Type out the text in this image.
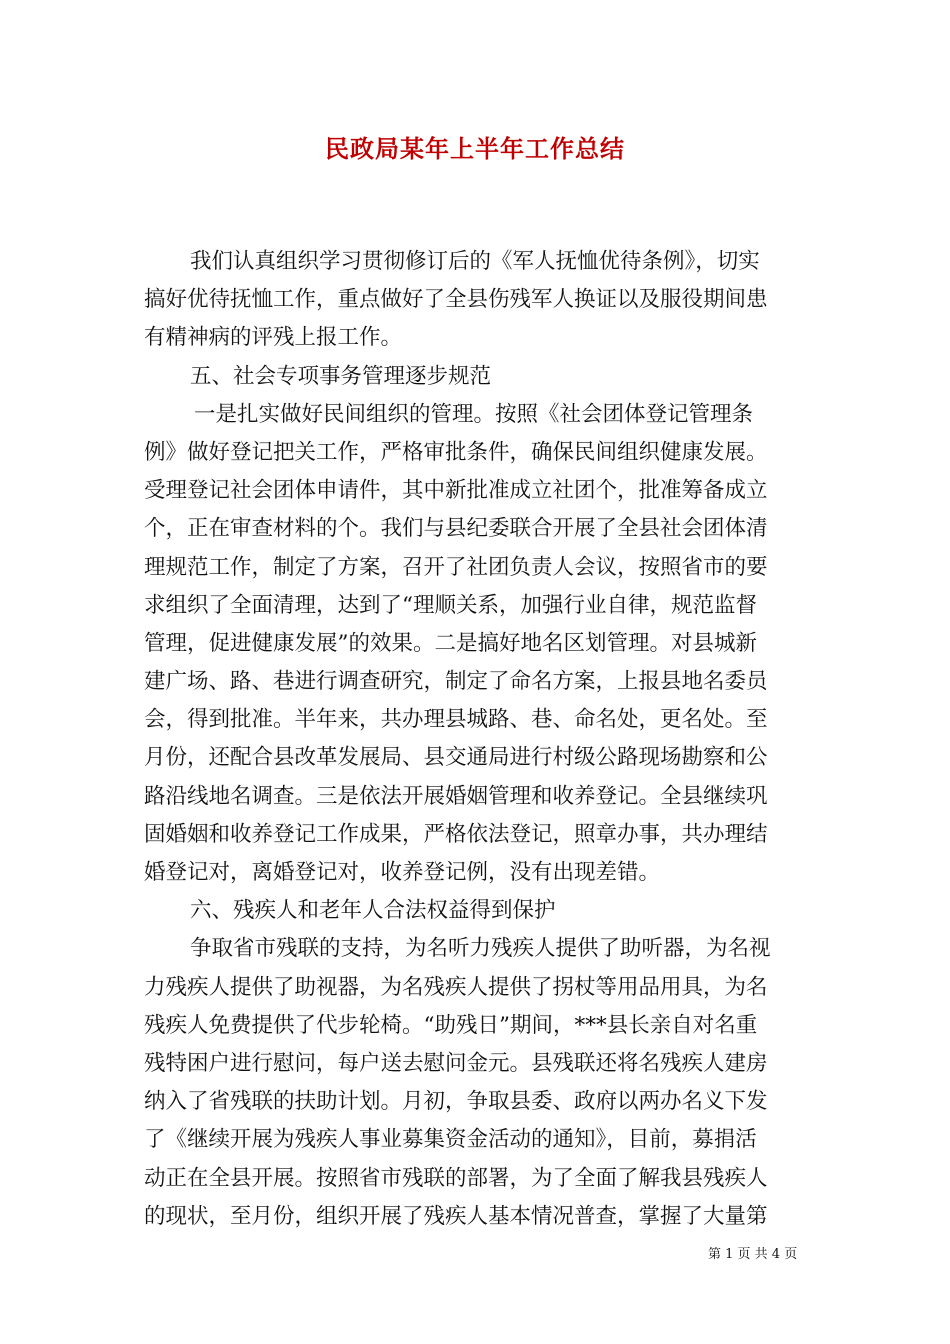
民政局某年上半年工作总结
我们认真组织学习贯彻修订后的《军人抚恤优待条例》，切实
搞好优待抚恤工作，重点做好了全县伤残军人换证以及服役期间患
有精神病的评残上报工作。
五、社会专项事务管理逐步规范
一是扎实做好民间组织的管理。按照《社会团体登记管理条
例》做好登记把关工作，严格审批条件，确保民间组织健康发展。
受理登记社会团体申请件，其中新批准成立社团个，批准筹备成立
个，正在审查材料的个。我们与县纪委联合开展了全县社会团体清
理规范工作，制定了方案，召开了社团负责人会议，按照省市的要
求组织了全面清理，达到了“理顺关系，加强行业自律，规范监督
管理，促进健康发展”的效果。二是搞好地名区划管理。对县城新
建广场、路、巷进行调查研究，制定了命名方案，上报县地名委员
会，得到批准。半年来，共办理县城路、巷、命名处，更名处。至
月份，还配合县改革发展局、县交通局进行村级公路现场勘察和公
路沿线地名调查。三是依法开展婚姻管理和收养登记。全县继续巩
固婚姻和收养登记工作成果，严格依法登记，照章办事，共办理结
婚登记对，离婚登记对，收养登记例，没有出现差错。
六、残疾人和老年人合法权益得到保护
争取省市残联的支持，为名听力残疾人提供了助听器，为名视
力残疾人提供了助视器，为名残疾人提供了拐杖等用品用具，为名
残疾人免费提供了代步轮椅。“助残日”期间，***县长亲自对名重
残特困户进行慰问，每户送去慰问金元。县残联还将名残疾人建房
纳入了省残联的扶助计划。月初，争取县委、政府以两办名义下发
了《继续开展为残疾人事业募集资金活动的通知》，目前，募捐活
动正在全县开展。按照省市残联的部署，为了全面了解我县残疾人
的现状，至月份，组织开展了残疾人基本情况普查，掌握了大量第
第 1 页 共 4 页
